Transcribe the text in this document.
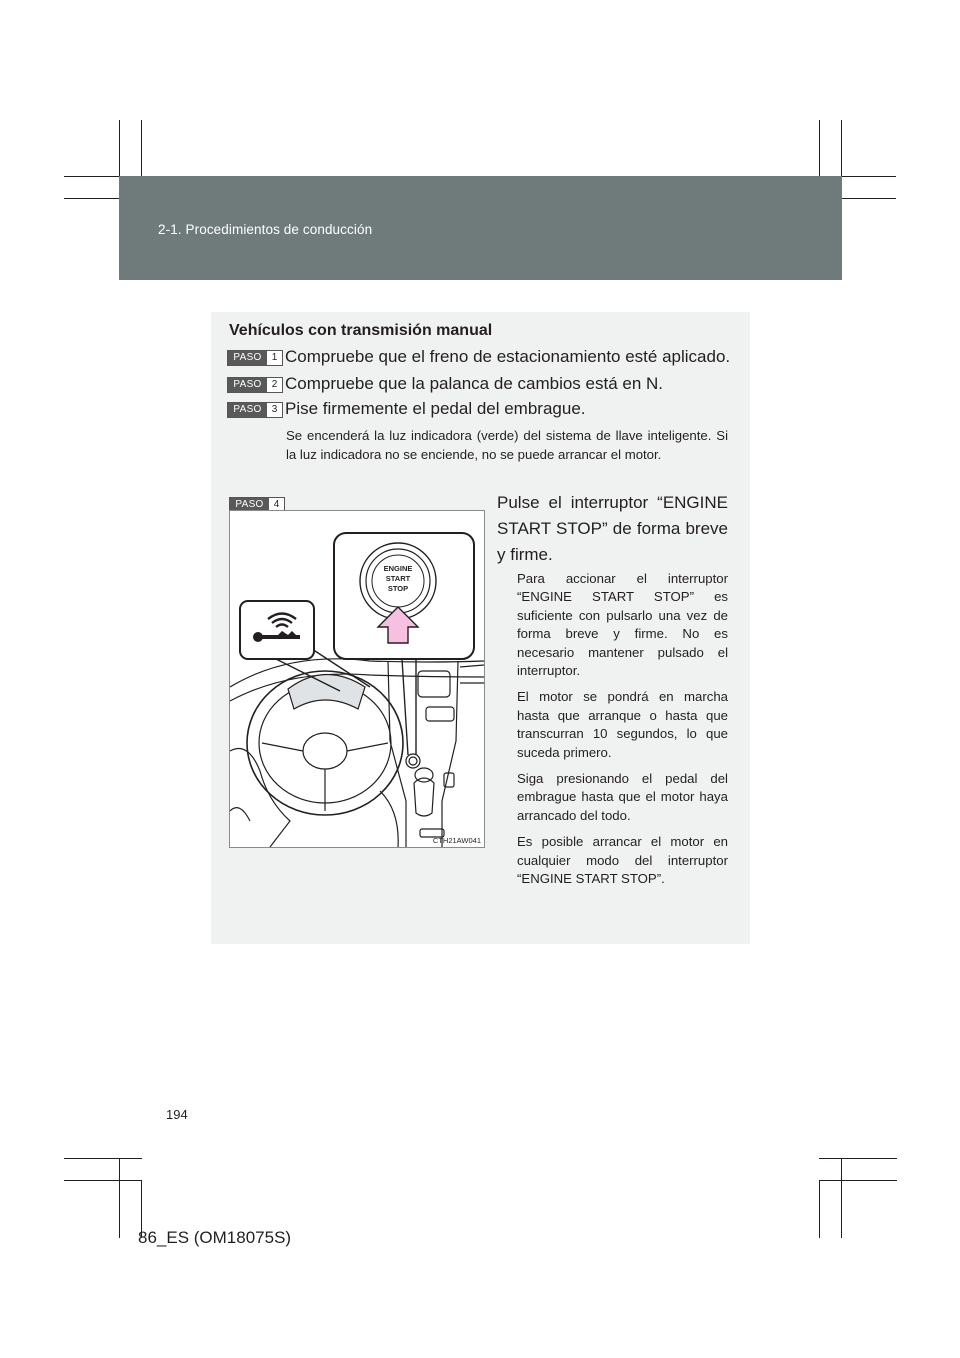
2-1. Procedimientos de conducción
Vehículos con transmisión manual
PASO	1 Compruebe que el freno de estacionamiento esté aplicado.
PASO	2 Compruebe que la palanca de cambios está en N.
PASO	3 Pise firmemente el pedal del embrague.
Se encenderá la luz indicadora (verde) del sistema de llave inteligente. Si la luz indicadora no se enciende, no se puede arrancar el motor.
PASO	4
ENGINE
START
STOP
CTH21AW041
Pulse el interruptor “ENGINE START STOP” de forma breve y firme.

Para accionar el interruptor “ENGINE START STOP” es suficiente con pulsarlo una vez de forma breve y firme. No es necesario mantener pulsado el interruptor.

El motor se pondrá en marcha hasta que arranque o hasta que transcurran 10 segundos, lo que suceda primero.

Siga presionando el pedal del embrague hasta que el motor haya arrancado del todo.

Es posible arrancar el motor en cualquier modo del interruptor “ENGINE START STOP”.

194
86_ES (OM18075S)
